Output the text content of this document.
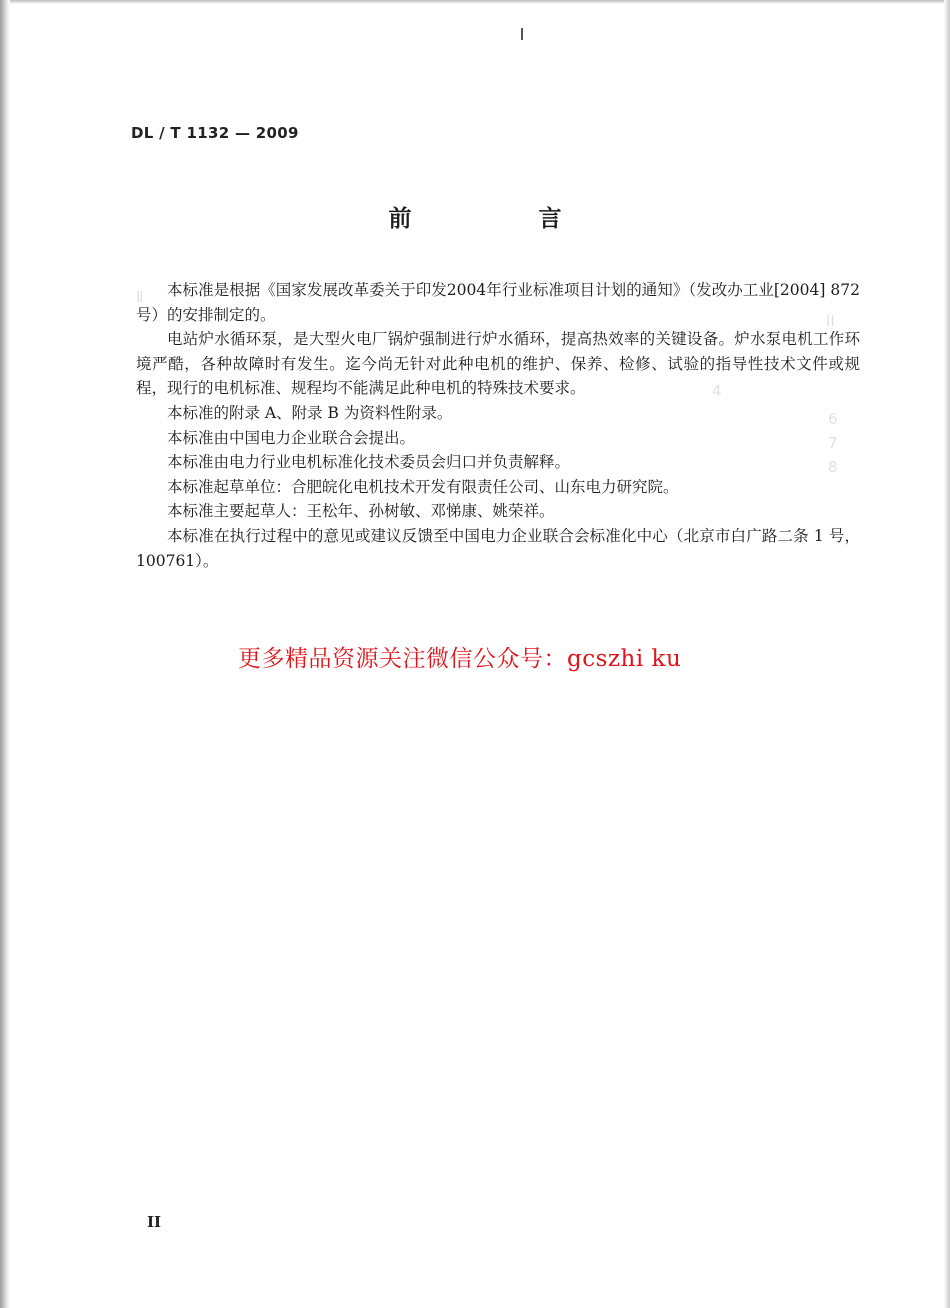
DL / T 1132 — 2009
前　言
Ⅱ
ⅠⅠ
4
6
7
8

本标准是根据《国家发展改革委关于印发2004年行业标准项目计划的通知》（发改办工业[2004] 872 号）的安排制定的。

电站炉水循环泵，是大型火电厂锅炉强制进行炉水循环，提高热效率的关键设备。炉水泵电机工作环境严酷，各种故障时有发生。迄今尚无针对此种电机的维护、保养、检修、试验的指导性技术文件或规程，现行的电机标准、规程均不能满足此种电机的特殊技术要求。

本标准的附录 A、附录 B 为资料性附录。

本标准由中国电力企业联合会提出。

本标准由电力行业电机标准化技术委员会归口并负责解释。

本标准起草单位：合肥皖化电机技术开发有限责任公司、山东电力研究院。

本标准主要起草人：王松年、孙树敏、邓悌康、姚荣祥。

本标准在执行过程中的意见或建议反馈至中国电力企业联合会标准化中心（北京市白广路二条 1 号，100761）。

更多精品资源关注微信公众号：gcszhi ku
II
